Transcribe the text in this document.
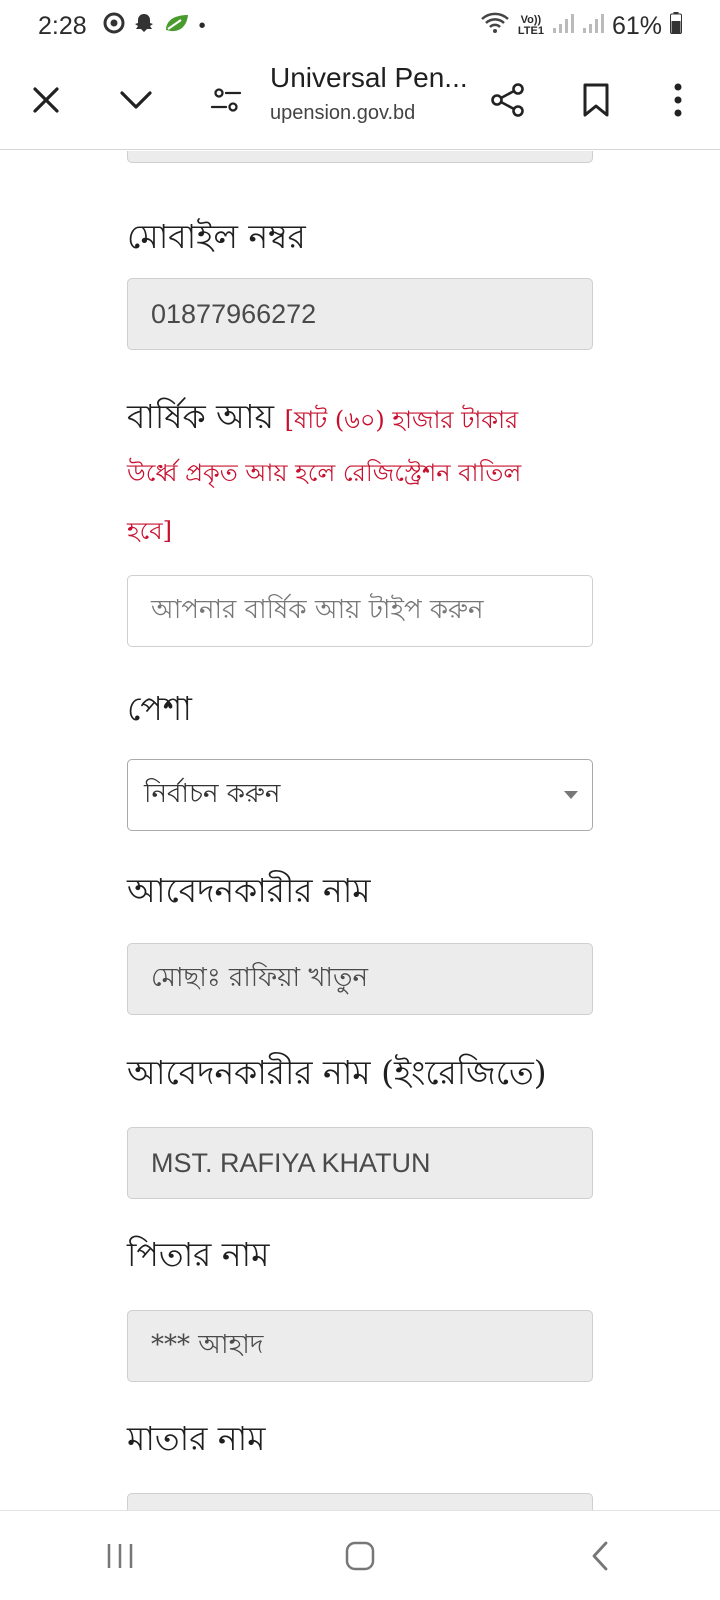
2:28	•	Vo))
LTE1	61%
Universal Pen...
upension.gov.bd
মোবাইল নম্বর
01877966272
বার্ষিক আয় [ষাট (৬০) হাজার টাকার
উর্ধ্বে প্রকৃত আয় হলে রেজিস্ট্রেশন বাতিল
হবে]
আপনার বার্ষিক আয় টাইপ করুন
পেশা
নির্বাচন করুন
আবেদনকারীর নাম
মোছাঃ রাফিয়া খাতুন
আবেদনকারীর নাম (ইংরেজিতে)
MST. RAFIYA KHATUN
পিতার নাম
*** আহাদ
মাতার নাম
